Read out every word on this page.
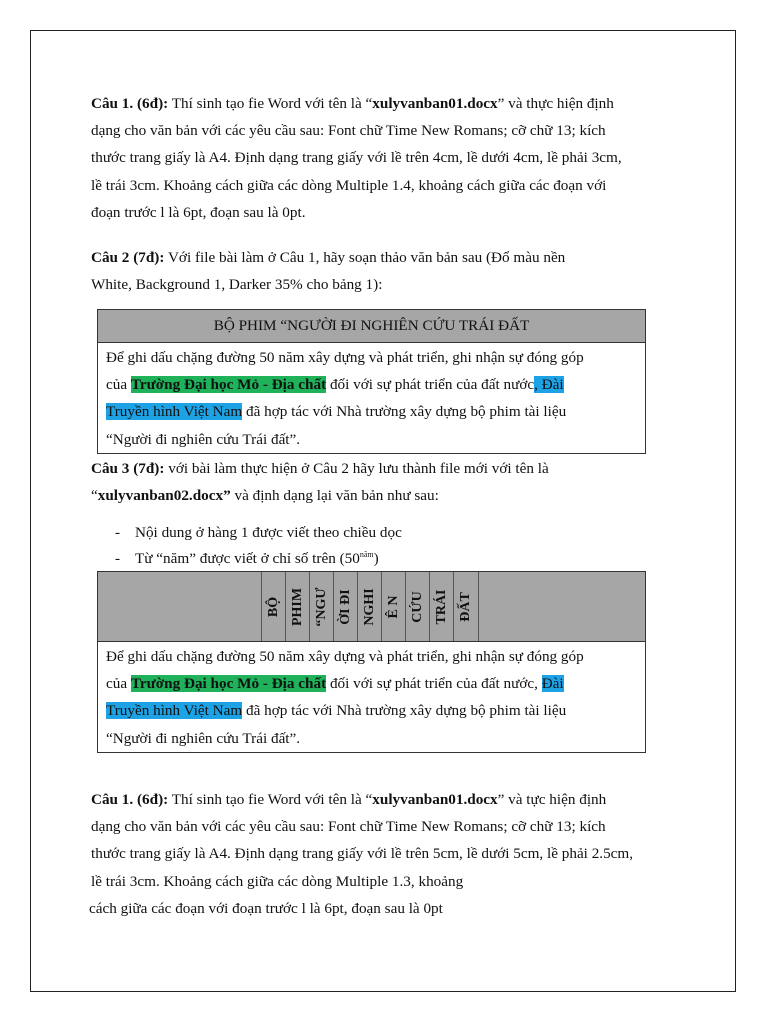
Câu 1. (6đ): Thí sinh tạo fie Word với tên là “xulyvanban01.docx” và thực hiện định
dạng cho văn bản với các yêu cầu sau: Font chữ Time New Romans; cỡ chữ 13; kích
thước trang giấy là A4. Định dạng trang giấy với lề trên 4cm, lề dưới 4cm, lề phải 3cm,
lề trái 3cm. Khoảng cách giữa các dòng Multiple 1.4, khoảng cách giữa các đoạn với
đoạn trước l là 6pt, đoạn sau là 0pt.
Câu 2 (7đ): Với file bài làm ở Câu 1, hãy soạn thảo văn bản sau (Đổ màu nền
White, Background 1, Darker 35% cho bảng 1):
BỘ PHIM “NGƯỜI ĐI NGHIÊN CỨU TRÁI ĐẤT
Để ghi dấu chặng đường 50 năm xây dựng và phát triển, ghi nhận sự đóng góp
của Trường Đại học Mỏ - Địa chất đối với sự phát triển của đất nước, Đài
Truyền hình Việt Nam đã hợp tác với Nhà trường xây dựng bộ phim tài liệu
“Người đi nghiên cứu Trái đất”.
Câu 3 (7đ): với bài làm thực hiện ở Câu 2 hãy lưu thành file mới với tên là
“xulyvanban02.docx” và định dạng lại văn bản như sau:
- Nội dung ở hàng 1 được viết theo chiều dọc
- Từ “năm” được viết ở chỉ số trên $(50^{năm})$
BỘ PHIM “NGƯ ỜI ĐI NGHI Ê N CỨU TRÁI ĐẤT
Để ghi dấu chặng đường 50 năm xây dựng và phát triển, ghi nhận sự đóng góp
của Trường Đại học Mỏ - Địa chất đối với sự phát triển của đất nước, Đài
Truyền hình Việt Nam đã hợp tác với Nhà trường xây dựng bộ phim tài liệu
“Người đi nghiên cứu Trái đất”.
Câu 1. (6đ): Thí sinh tạo fie Word với tên là “xulyvanban01.docx” và tực hiện định
dạng cho văn bản với các yêu cầu sau: Font chữ Time New Romans; cỡ chữ 13; kích
thước trang giấy là A4. Định dạng trang giấy với lề trên 5cm, lề dưới 5cm, lề phải 2.5cm,
lề trái 3cm. Khoảng cách giữa các dòng Multiple 1.3, khoảng
cách giữa các đoạn với đoạn trước l là 6pt, đoạn sau là 0pt
